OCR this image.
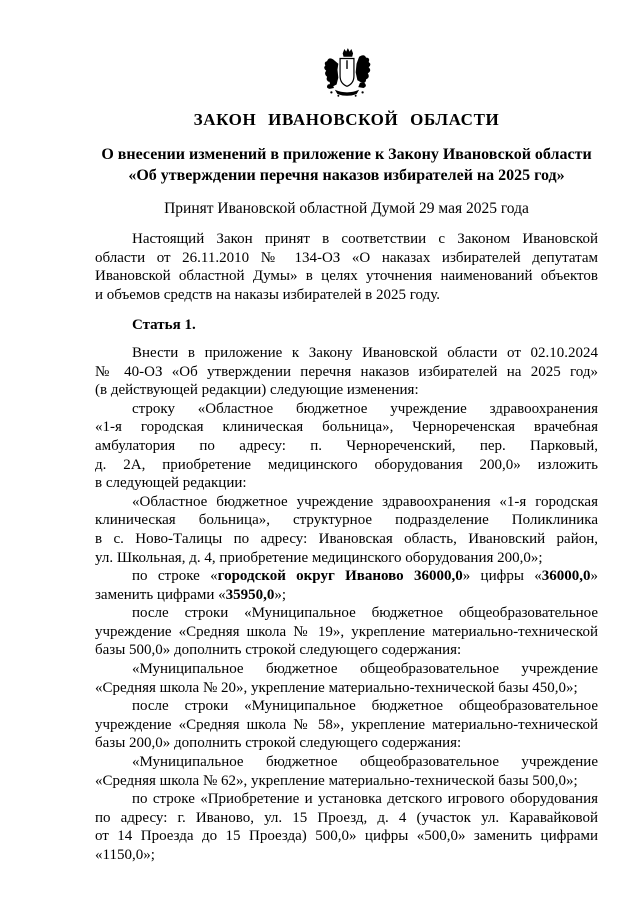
ЗАКОН ИВАНОВСКОЙ ОБЛАСТИ
О внесении изменений в приложение к Закону Ивановской области
«Об утверждении перечня наказов избирателей на 2025 год»
Принят Ивановской областной Думой 29 мая 2025 года
Настоящий Закон принят в соответствии с Законом Ивановской
области от 26.11.2010 № 134-ОЗ «О наказах избирателей депутатам
Ивановской областной Думы» в целях уточнения наименований объектов
и объемов средств на наказы избирателей в 2025 году.
Статья 1.
Внести в приложение к Закону Ивановской области от 02.10.2024
№ 40-ОЗ «Об утверждении перечня наказов избирателей на 2025 год»
(в действующей редакции) следующие изменения:
строку «Областное бюджетное учреждение здравоохранения
«1-я городская клиническая больница», Чернореченская врачебная
амбулатория по адресу: п. Чернореченский, пер. Парковый,
д. 2А, приобретение медицинского оборудования 200,0» изложить
в следующей редакции:
«Областное бюджетное учреждение здравоохранения «1-я городская
клиническая больница», структурное подразделение Поликлиника
в с. Ново-Талицы по адресу: Ивановская область, Ивановский район,
ул. Школьная, д. 4, приобретение медицинского оборудования 200,0»;
по строке «городской округ Иваново 36000,0» цифры «36000,0»
заменить цифрами «35950,0»;
после строки «Муниципальное бюджетное общеобразовательное
учреждение «Средняя школа № 19», укрепление материально-технической
базы 500,0» дополнить строкой следующего содержания:
«Муниципальное бюджетное общеобразовательное учреждение
«Средняя школа № 20», укрепление материально-технической базы 450,0»;
после строки «Муниципальное бюджетное общеобразовательное
учреждение «Средняя школа № 58», укрепление материально-технической
базы 200,0» дополнить строкой следующего содержания:
«Муниципальное бюджетное общеобразовательное учреждение
«Средняя школа № 62», укрепление материально-технической базы 500,0»;
по строке «Приобретение и установка детского игрового оборудования
по адресу: г. Иваново, ул. 15 Проезд, д. 4 (участок ул. Каравайковой
от 14 Проезда до 15 Проезда) 500,0» цифры «500,0» заменить цифрами
«1150,0»;
